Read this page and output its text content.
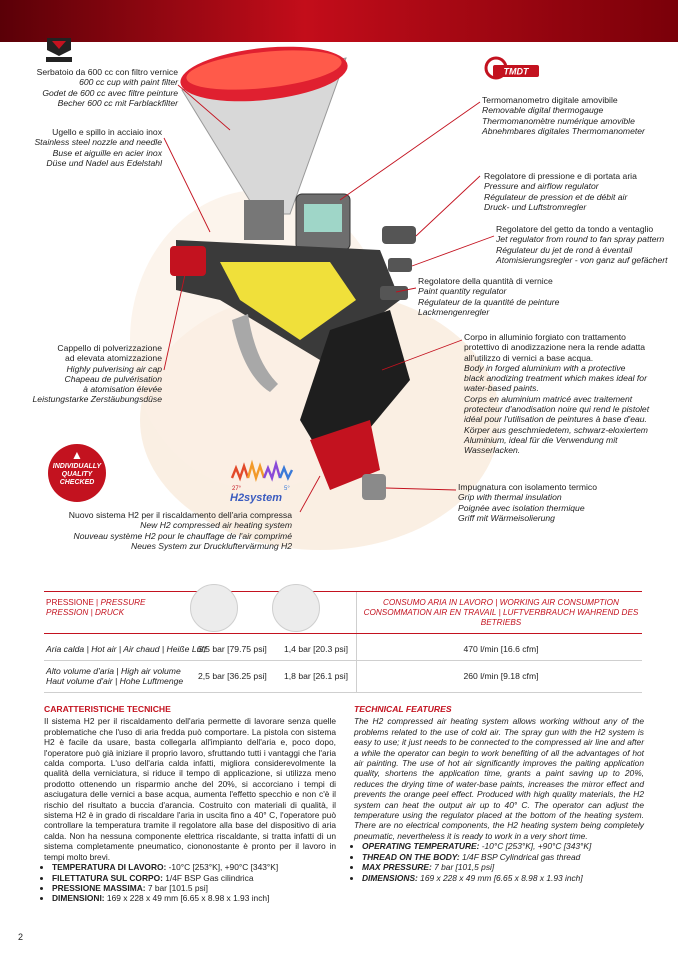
TMDT
Serbatoio da 600 cc con filtro vernice
600 cc cup with paint filter
Godet de 600 cc avec filtre peinture
Becher 600 cc mit Farblackfilter
Ugello e spillo in acciaio inox
Stainless steel nozzle and needle
Buse et aiguille en acier inox
Düse und Nadel aus Edelstahl
Cappello di polverizzazione
ad elevata atomizzazione
Highly pulverising air cap
Chapeau de pulvérisation
à atomisation élevée
Leistungstarke Zerstäubungsdüse
Termomanometro digitale amovibile
Removable digital thermogauge
Thermomanomètre numérique amovible
Abnehmbares digitales Thermomanometer
Regolatore di pressione e di portata aria
Pressure and airflow regulator
Régulateur de pression et de débit air
Druck- und Luftstromregler
Regolatore del getto da tondo a ventaglio
Jet regulator from round to fan spray pattern
Régulateur du jet de rond à éventail
Atomisierungsregler - von ganz auf gefächert
Regolatore della quantità di vernice
Paint quantity regulator
Régulateur de la quantité de peinture
Lackmengenregler
Corpo in alluminio forgiato con trattamento
protettivo di anodizzazione nera la rende adatta
all'utilizzo di vernici a base acqua.
Body in forged aluminium with a protective
black anodizing treatment which makes ideal for
water-based paints.
Corps en aluminium matricé avec traitement
protecteur d'anodisation noire qui rend le pistolet
idéal pour l'utilisation de peintures à base d'eau.
Körper aus geschmiedetem, schwarz-eloxiertem
Aluminium, ideal für die Verwendung mit
Wasserlacken.
Impugnatura con isolamento termico
Grip with thermal insulation
Poignée avec isolation thermique
Griff mit Wärmeisolierung
Nuovo sistema H2 per il riscaldamento dell'aria compressa
New H2 compressed air heating system
Nouveau système H2 pour le chauffage de l'air comprimé
Neues System zur Druckluftervärmung H2
▲
INDIVIDUALLY
QUALITY
CHECKED
27°	5°
H2system
PRESSIONE | PRESSURE
PRESSION | DRUCK
CONSUMO ARIA IN LAVORO | WORKING AIR CONSUMPTION
CONSOMMATION AIR EN TRAVAIL | LUFTVERBRAUCH WAHREND DES BETRIEBS
Aria calda | Hot air | Air chaud | Heiße Luft
5,5 bar [79.75 psi] 1,4 bar [20.3 psi]	470 l/min [16.6 cfm]
Alto volume d'aria | High air volume
Haut volume d'air | Hohe Luftmenge
2,5 bar [36.25 psi] 1,8 bar [26.1 psi]	260 l/min [9.18 cfm]
CARATTERISTICHE TECNICHE
Il sistema H2 per il riscaldamento dell'aria permette di lavorare senza quelle problematiche che l'uso di aria fredda può comportare. La pistola con sistema H2 è facile da usare, basta collegarla all'impianto dell'aria e, poco dopo, l'operatore può già iniziare il proprio lavoro, sfruttando tutti i vantaggi che l'aria calda comporta. L'uso dell'aria calda infatti, migliora considerevolmente la qualità della verniciatura, si riduce il tempo di applicazione, si utilizza meno prodotto ottenendo un risparmio anche del 20%, si accorciano i tempi di asciugatura delle vernici a base acqua, aumenta l'effetto specchio e non c'è il rischio del risultato a buccia d'arancia. Costruito con materiali di qualità, il sistema H2 è in grado di riscaldare l'aria in uscita fino a 40° C, l'operatore può controllare la temperatura tramite il regolatore alla base del dispositivo di aria calda. Non ha nessuna componente elettrica riscaldante, si tratta infatti di un sistema completamente pneumatico, ciononostante è pronto per il lavoro in tempi molto brevi.
• TEMPERATURA DI LAVORO: -10°C [253°K], +90°C [343°K]
• FILETTATURA SUL CORPO: 1/4F BSP Gas cilindrica
• PRESSIONE MASSIMA: 7 bar [101.5 psi]
• DIMENSIONI: 169 x 228 x 49 mm [6.65 x 8.98 x 1.93 inch]
TECHNICAL FEATURES
The H2 compressed air heating system allows working without any of the problems related to the use of cold air. The spray gun with the H2 system is easy to use; it just needs to be connected to the compressed air line and after a while the operator can begin to work benefiting of all the advantages of hot air painting. The use of hot air significantly improves the paiting application quality, shortens the application time, grants a paint saving up to 20%, reduces the drying time of water-base paints, increases the mirror effect and prevents the orange peel effect. Produced with high quality materials, the H2 system can heat the output air up to 40° C. The operator can adjust the temperature using the regulator placed at the bottom of the heating system. There are no electrical components, the H2 heating system being completely pneumatic, nevertheless it is ready to work in a very short time.
• OPERATING TEMPERATURE: -10°C [253°K], +90°C [343°K]
• THREAD ON THE BODY: 1/4F BSP Cylindrical gas thread
• MAX PRESSURE: 7 bar [101,5 psi]
• DIMENSIONS: 169 x 228 x 49 mm [6.65 x 8.98 x 1.93 inch]
2
